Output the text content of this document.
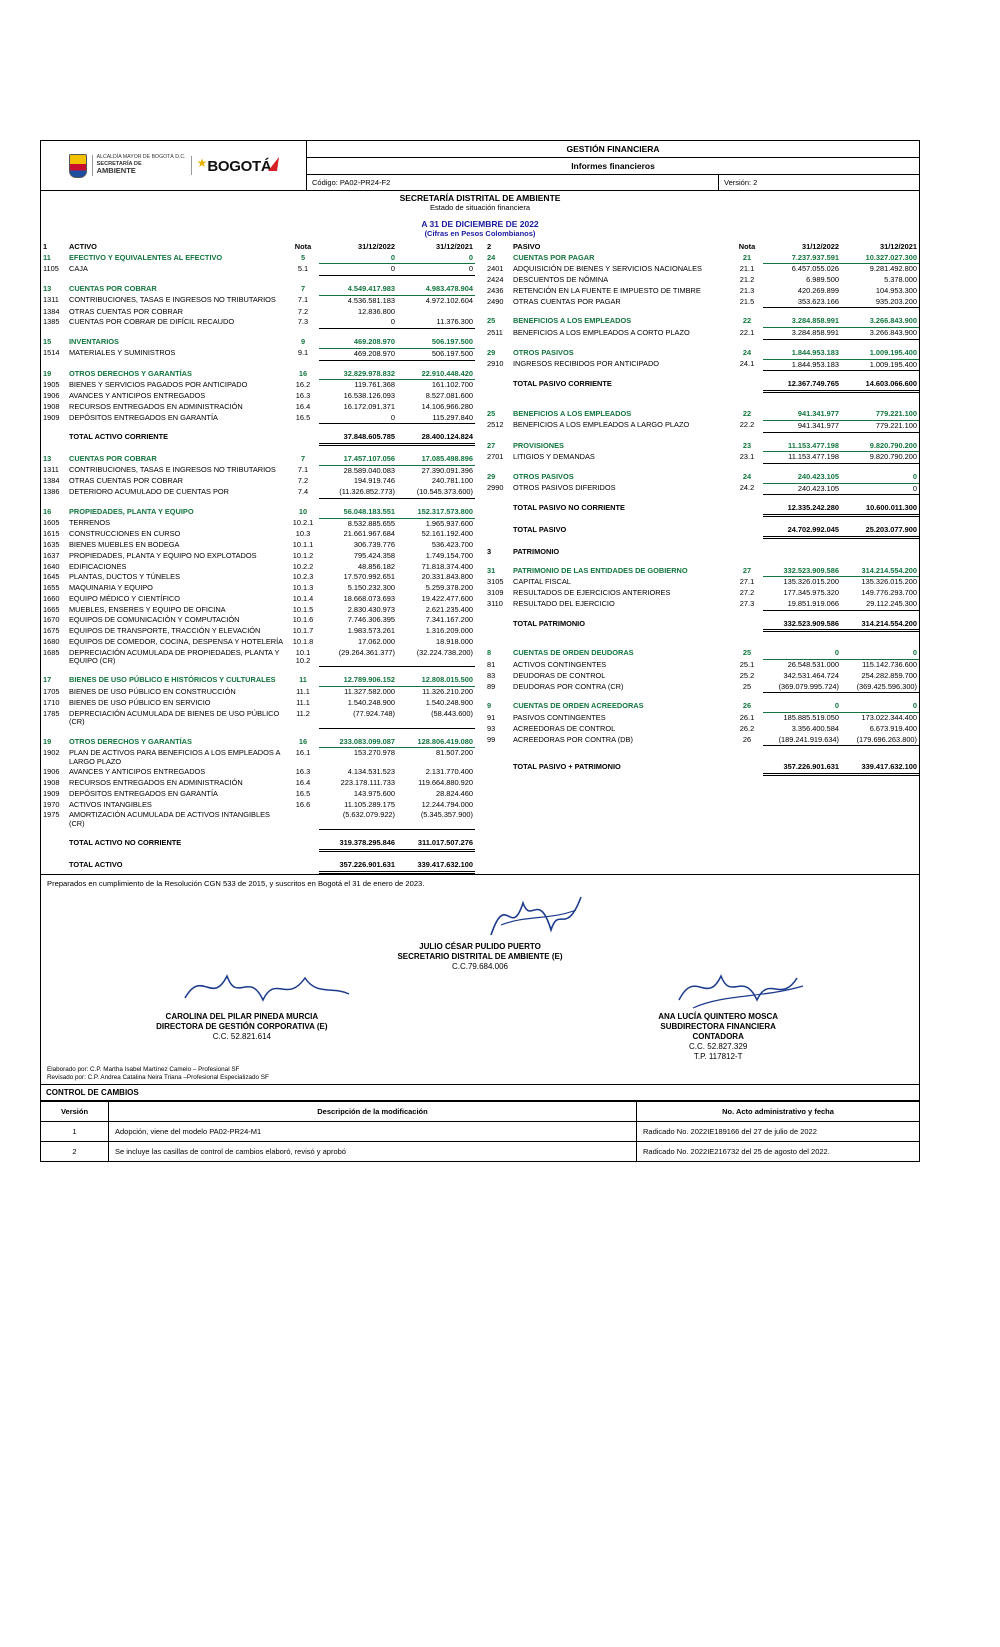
ALCALDÍA MAYOR DE BOGOTÁ D.C.
SECRETARÍA DE
AMBIENTE
★BOGOTÁ	GESTIÓN FINANCIERA	
	Informes financieros	
	Código: PA02-PR24-F2	Versión: 2
SECRETARÍA DISTRITAL DE AMBIENTE
Estado de situación financiera
A 31 DE DICIEMBRE DE 2022
(Cifras en Pesos Colombianos)
1	ACTIVO	Nota	31/12/2022	31/12/2021		2	PASIVO	Nota	31/12/2022	31/12/2021

11	EFECTIVO Y EQUIVALENTES AL EFECTIVO	5	0	0
1105	CAJA	5.1	0	0

13	CUENTAS POR COBRAR	7	4.549.417.983	4.983.478.904
1311	CONTRIBUCIONES, TASAS E INGRESOS NO TRIBUTARIOS	7.1	4.536.581.183	4.972.102.604
1384	OTRAS CUENTAS POR COBRAR	7.2	12.836.800	
1385	CUENTAS POR COBRAR DE DIFÍCIL RECAUDO	7.3	0	11.376.300

15	INVENTARIOS	9	469.208.970	506.197.500
1514	MATERIALES Y SUMINISTROS	9.1	469.208.970	506.197.500

19	OTROS DERECHOS Y GARANTÍAS	16	32.829.978.832	22.910.448.420
1905	BIENES Y SERVICIOS PAGADOS POR ANTICIPADO	16.2	119.761.368	161.102.700
1906	AVANCES Y ANTICIPOS ENTREGADOS	16.3	16.538.126.093	8.527.081.600
1908	RECURSOS ENTREGADOS EN ADMINISTRACIÓN	16.4	16.172.091.371	14.106.966.280
1909	DEPÓSITOS ENTREGADOS EN GARANTÍA	16.5	0	115.297.840

	TOTAL ACTIVO CORRIENTE		37.848.605.785	28.400.124.824

13	CUENTAS POR COBRAR	7	17.457.107.056	17.085.498.896
1311	CONTRIBUCIONES, TASAS E INGRESOS NO TRIBUTARIOS	7.1	28.589.040.083	27.390.091.396
1384	OTRAS CUENTAS POR COBRAR	7.2	194.919.746	240.781.100
1386	DETERIORO ACUMULADO DE CUENTAS POR	7.4	(11.326.852.773)	(10.545.373.600)

16	PROPIEDADES, PLANTA Y EQUIPO	10	56.048.183.551	152.317.573.800
1605	TERRENOS	10.2.1	8.532.885.655	1.965.937.600
1615	CONSTRUCCIONES EN CURSO	10.3	21.661.967.684	52.161.192.400
1635	BIENES MUEBLES EN BODEGA	10.1.1	306.739.776	536.423.700
1637	PROPIEDADES, PLANTA Y EQUIPO NO EXPLOTADOS	10.1.2	795.424.358	1.749.154.700
1640	EDIFICACIONES	10.2.2	48.856.182	71.818.374.400
1645	PLANTAS, DUCTOS Y TÚNELES	10.2.3	17.570.992.651	20.331.843.800
1655	MAQUINARIA Y EQUIPO	10.1.3	5.150.232.300	5.259.378.200
1660	EQUIPO MÉDICO Y CIENTÍFICO	10.1.4	18.668.073.693	19.422.477.600
1665	MUEBLES, ENSERES Y EQUIPO DE OFICINA	10.1.5	2.830.430.973	2.621.235.400
1670	EQUIPOS DE COMUNICACIÓN Y COMPUTACIÓN	10.1.6	7.746.306.395	7.341.167.200
1675	EQUIPOS DE TRANSPORTE, TRACCIÓN Y ELEVACIÓN	10.1.7	1.983.573.261	1.316.209.000
1680	EQUIPOS DE COMEDOR, COCINA, DESPENSA Y HOTELERÍA	10.1.8	17.062.000	18.918.000
1685	DEPRECIACIÓN ACUMULADA DE PROPIEDADES, PLANTA Y EQUIPO (CR)	10.1 10.2	(29.264.361.377)	(32.224.738.200)

17	BIENES DE USO PÚBLICO E HISTÓRICOS Y CULTURALES	11	12.789.906.152	12.808.015.500
1705	BIENES DE USO PÚBLICO EN CONSTRUCCIÓN	11.1	11.327.582.000	11.326.210.200
1710	BIENES DE USO PÚBLICO EN SERVICIO	11.1	1.540.248.900	1.540.248.900
1785	DEPRECIACIÓN ACUMULADA DE BIENES DE USO PÚBLICO (CR)	11.2	(77.924.748)	(58.443.600)

19	OTROS DERECHOS Y GARANTÍAS	16	233.083.099.087	128.806.419.080
1902	PLAN DE ACTIVOS PARA BENEFICIOS A LOS EMPLEADOS A LARGO PLAZO	16.1	153.270.978	81.507.200
1906	AVANCES Y ANTICIPOS ENTREGADOS	16.3	4.134.531.523	2.131.770.400
1908	RECURSOS ENTREGADOS EN ADMINISTRACIÓN	16.4	223.178.111.733	119.664.880.920
1909	DEPÓSITOS ENTREGADOS EN GARANTÍA	16.5	143.975.600	28.824.460
1970	ACTIVOS INTANGIBLES	16.6	11.105.289.175	12.244.794.000
1975	AMORTIZACIÓN ACUMULADA DE ACTIVOS INTANGIBLES (CR)		(5.632.079.922)	(5.345.357.900)

	TOTAL ACTIVO NO CORRIENTE		319.378.295.846	311.017.507.276

	TOTAL ACTIVO		357.226.901.631	339.417.632.100

24	CUENTAS POR PAGAR	21	7.237.937.591	10.327.027.300
2401	ADQUISICIÓN DE BIENES Y SERVICIOS NACIONALES	21.1	6.457.055.026	9.281.492.800
2424	DESCUENTOS DE NÓMINA	21.2	6.989.500	5.378.000
2436	RETENCIÓN EN LA FUENTE E IMPUESTO DE TIMBRE	21.3	420.269.899	104.953.300
2490	OTRAS CUENTAS POR PAGAR	21.5	353.623.166	935.203.200

25	BENEFICIOS A LOS EMPLEADOS	22	3.284.858.991	3.266.843.900
2511	BENEFICIOS A LOS EMPLEADOS A CORTO PLAZO	22.1	3.284.858.991	3.266.843.900

29	OTROS PASIVOS	24	1.844.953.183	1.009.195.400
2910	INGRESOS RECIBIDOS POR ANTICIPADO	24.1	1.844.953.183	1.009.195.400

	TOTAL PASIVO CORRIENTE		12.367.749.765	14.603.066.600

25	BENEFICIOS A LOS EMPLEADOS	22	941.341.977	779.221.100
2512	BENEFICIOS A LOS EMPLEADOS A LARGO PLAZO	22.2	941.341.977	779.221.100

27	PROVISIONES	23	11.153.477.198	9.820.790.200
2701	LITIGIOS Y DEMANDAS	23.1	11.153.477.198	9.820.790.200

29	OTROS PASIVOS	24	240.423.105	0
2990	OTROS PASIVOS DIFERIDOS	24.2	240.423.105	0

	TOTAL PASIVO NO CORRIENTE		12.335.242.280	10.600.011.300

	TOTAL PASIVO		24.702.992.045	25.203.077.900

3	PATRIMONIO			

31	PATRIMONIO DE LAS ENTIDADES DE GOBIERNO	27	332.523.909.586	314.214.554.200
3105	CAPITAL FISCAL	27.1	135.326.015.200	135.326.015.200
3109	RESULTADOS DE EJERCICIOS ANTERIORES	27.2	177.345.975.320	149.776.293.700
3110	RESULTADO DEL EJERCICIO	27.3	19.851.919.066	29.112.245.300

	TOTAL PATRIMONIO		332.523.909.586	314.214.554.200

8	CUENTAS DE ORDEN DEUDORAS	25	0	0
81	ACTIVOS CONTINGENTES	25.1	26.548.531.000	115.142.736.600
83	DEUDORAS DE CONTROL	25.2	342.531.464.724	254.282.859.700
89	DEUDORAS POR CONTRA (CR)	25	(369.079.995.724)	(369.425.596.300)

9	CUENTAS DE ORDEN ACREEDORAS	26	0	0
91	PASIVOS CONTINGENTES	26.1	185.885.519.050	173.022.344.400
93	ACREEDORAS DE CONTROL	26.2	3.356.400.584	6.673.919.400
99	ACREEDORAS POR CONTRA (DB)	26	(189.241.919.634)	(179.696.263.800)

	TOTAL PASIVO + PATRIMONIO		357.226.901.631	339.417.632.100
Preparados en cumplimiento de la Resolución CGN 533 de 2015, y suscritos en Bogotá el 31 de enero de 2023.
JULIO CÉSAR PULIDO PUERTO
SECRETARIO DISTRITAL DE AMBIENTE (E)
C.C.79.684.006
CAROLINA DEL PILAR PINEDA MURCIA
DIRECTORA DE GESTIÓN CORPORATIVA (E)
C.C. 52.821.614
ANA LUCÍA QUINTERO MOSCA
SUBDIRECTORA FINANCIERA
CONTADORA
C.C. 52.827.329
T.P. 117812-T
Elaborado por: C.P. Martha Isabel Martínez Camelo – Profesional SF
Revisado por: C.P. Andrea Catalina Neira Triana –Profesional Especializado SF
CONTROL DE CAMBIOS
Versión	Descripción de la modificación	No. Acto administrativo y fecha
1	Adopción, viene del modelo PA02-PR24-M1	Radicado No. 2022IE189166 del 27 de julio de 2022
2	Se incluye las casillas de control de cambios elaboró, revisó y aprobó	Radicado No. 2022IE216732 del 25 de agosto del 2022.
